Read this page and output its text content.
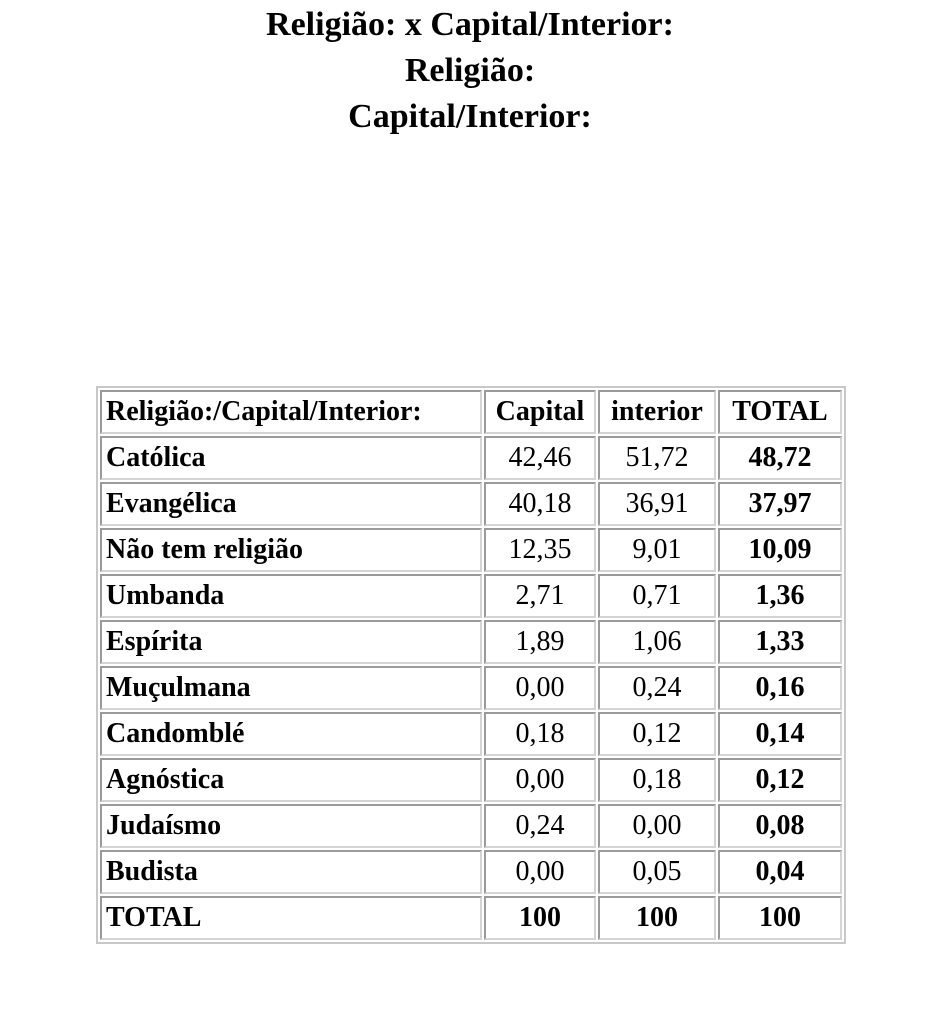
Religião: x Capital/Interior:
Religião:
Capital/Interior:
Religião:/Capital/Interior:	Capital	interior	TOTAL
Católica	42,46	51,72	48,72
Evangélica	40,18	36,91	37,97
Não tem religião	12,35	9,01	10,09
Umbanda	2,71	0,71	1,36
Espírita	1,89	1,06	1,33
Muçulmana	0,00	0,24	0,16
Candomblé	0,18	0,12	0,14
Agnóstica	0,00	0,18	0,12
Judaísmo	0,24	0,00	0,08
Budista	0,00	0,05	0,04
TOTAL	100	100	100
